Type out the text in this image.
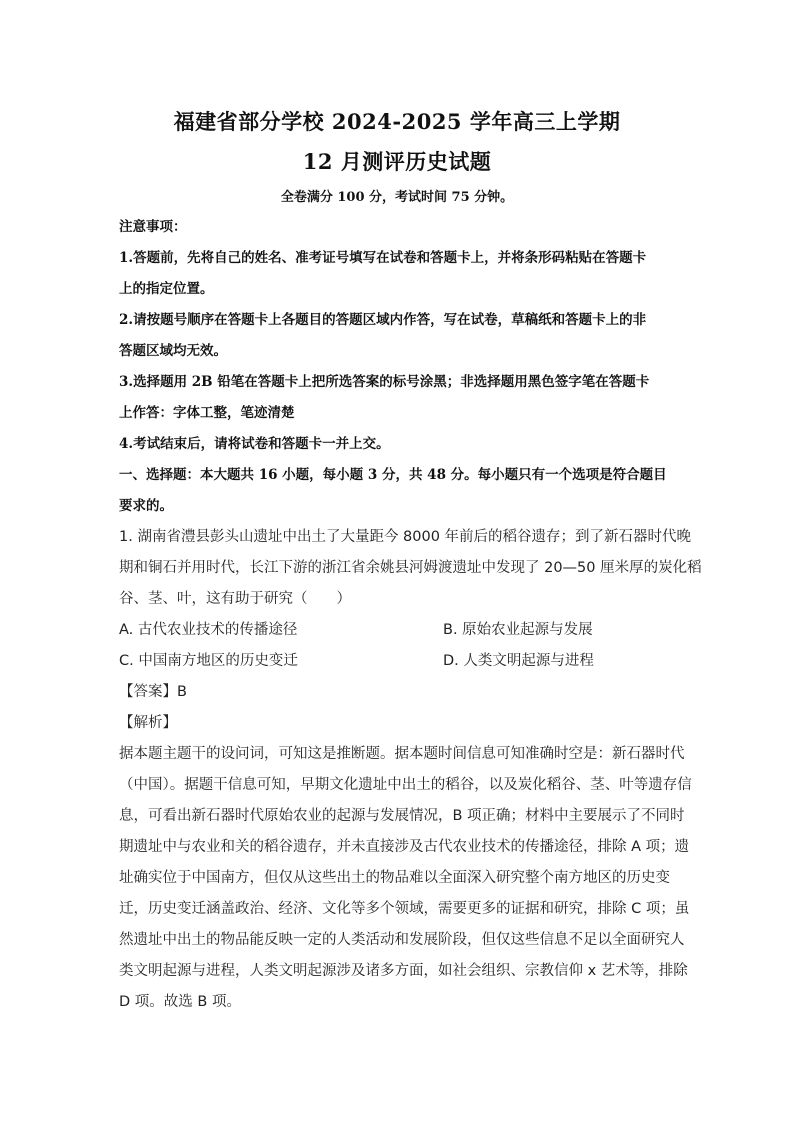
福建省部分学校 2024-2025 学年高三上学期
12 月测评历史试题
全卷满分 100 分，考试时间 75 分钟。
注意事项：
1.答题前，先将自己的姓名、准考证号填写在试卷和答题卡上，并将条形码粘贴在答题卡
上的指定位置。
2.请按题号顺序在答题卡上各题目的答题区域内作答，写在试卷，草稿纸和答题卡上的非
答题区域均无效。
3.选择题用 2B 铅笔在答题卡上把所选答案的标号涂黑；非选择题用黑色签字笔在答题卡
上作答：字体工整，笔迹清楚
4.考试结束后，请将试卷和答题卡一并上交。
一、选择题：本大题共 16 小题，每小题 3 分，共 48 分。每小题只有一个选项是符合题目
要求的。
1. 湖南省澧县彭头山遗址中出土了大量距今 8000 年前后的稻谷遗存；到了新石器时代晚
期和铜石并用时代，长江下游的浙江省余姚县河姆渡遗址中发现了 20—50 厘米厚的炭化稻
谷、茎、叶，这有助于研究（　　）
A. 古代农业技术的传播途径	B. 原始农业起源与发展
C. 中国南方地区的历史变迁	D. 人类文明起源与进程
【答案】B
【解析】
据本题主题干的设问词，可知这是推断题。据本题时间信息可知准确时空是：新石器时代
（中国）。据题干信息可知，早期文化遗址中出土的稻谷，以及炭化稻谷、茎、叶等遗存信
息，可看出新石器时代原始农业的起源与发展情况，B 项正确；材料中主要展示了不同时
期遗址中与农业和关的稻谷遗存，并未直接涉及古代农业技术的传播途径，排除 A 项；遗
址确实位于中国南方，但仅从这些出土的物品难以全面深入研究整个南方地区的历史变
迁，历史变迁涵盖政治、经济、文化等多个领域，需要更多的证据和研究，排除 C 项；虽
然遗址中出土的物品能反映一定的人类活动和发展阶段，但仅这些信息不足以全面研究人
类文明起源与进程，人类文明起源涉及诸多方面，如社会组织、宗教信仰 x 艺术等，排除
D 项。故选 B 项。
